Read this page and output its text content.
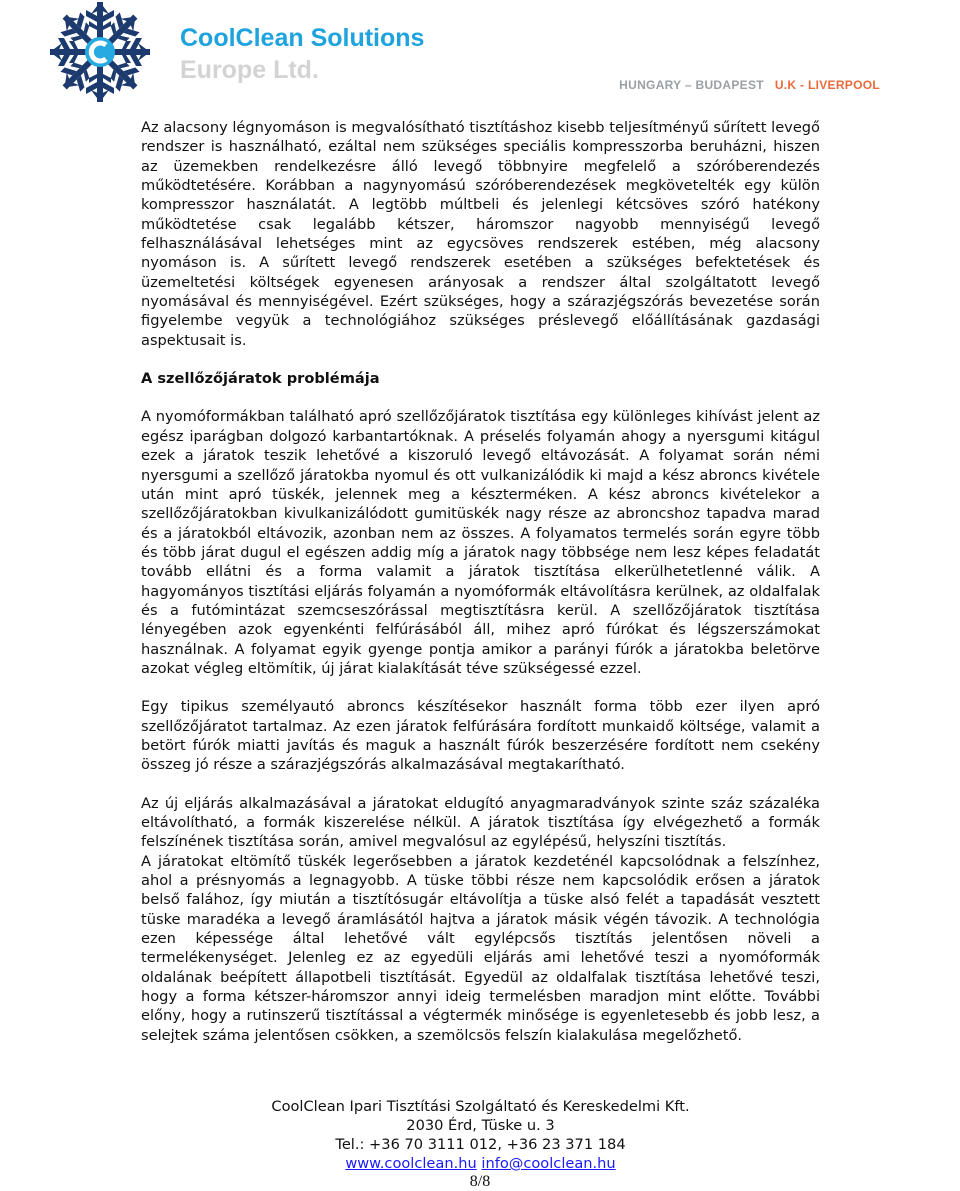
CoolClean Solutions
Europe Ltd.
HUNGARY – BUDAPEST U.K - LIVERPOOL

Az alacsony légnyomáson is megvalósítható tisztításhoz kisebb teljesítményű sűrített levegő rendszer is használható, ezáltal nem szükséges speciális kompresszorba beruházni, hiszen az üzemekben rendelkezésre álló levegő többnyire megfelelő a szóróberendezés működtetésére. Korábban a nagynyomású szóróberendezések megkövetelték egy külön kompresszor használatát. A legtöbb múltbeli és jelenlegi kétcsöves szóró hatékony működtetése csak legalább kétszer, háromszor nagyobb mennyiségű levegő felhasználásával lehetséges mint az egycsöves rendszerek estében, még alacsony nyomáson is. A sűrített levegő rendszerek esetében a szükséges befektetések és üzemeltetési költségek egyenesen arányosak a rendszer által szolgáltatott levegő nyomásával és mennyiségével. Ezért szükséges, hogy a szárazjégszórás bevezetése során figyelembe vegyük a technológiához szükséges préslevegő előállításának gazdasági aspektusait is.

A szellőzőjáratok problémája

A nyomóformákban található apró szellőzőjáratok tisztítása egy különleges kihívást jelent az egész iparágban dolgozó karbantartóknak. A préselés folyamán ahogy a nyersgumi kitágul ezek a járatok teszik lehetővé a kiszoruló levegő eltávozását. A folyamat során némi nyersgumi a szellőző járatokba nyomul és ott vulkanizálódik ki majd a kész abroncs kivétele után mint apró tüskék, jelennek meg a készterméken. A kész abroncs kivételekor a szellőzőjáratokban kivulkanizálódott gumitüskék nagy része az abroncshoz tapadva marad és a járatokból eltávozik, azonban nem az összes. A folyamatos termelés során egyre több és több járat dugul el egészen addig míg a járatok nagy többsége nem lesz képes feladatát tovább ellátni és a forma valamit a járatok tisztítása elkerülhetetlenné válik. A hagyományos tisztítási eljárás folyamán a nyomóformák eltávolításra kerülnek, az oldalfalak és a futómintázat szemcseszórással megtisztításra kerül. A szellőzőjáratok tisztítása lényegében azok egyenkénti felfúrásából áll, mihez apró fúrókat és légszerszámokat használnak. A folyamat egyik gyenge pontja amikor a parányi fúrók a járatokba beletörve azokat végleg eltömítik, új járat kialakítását téve szükségessé ezzel.

Egy tipikus személyautó abroncs készítésekor használt forma több ezer ilyen apró szellőzőjáratot tartalmaz. Az ezen járatok felfúrására fordított munkaidő költsége, valamit a betört fúrók miatti javítás és maguk a használt fúrók beszerzésére fordított nem csekény összeg jó része a szárazjégszórás alkalmazásával megtakarítható.

Az új eljárás alkalmazásával a járatokat eldugító anyagmaradványok szinte száz százaléka eltávolítható, a formák kiszerelése nélkül. A járatok tisztítása így elvégezhető a formák felszínének tisztítása során, amivel megvalósul az egylépésű, helyszíni tisztítás.

A járatokat eltömítő tüskék legerősebben a járatok kezdeténél kapcsolódnak a felszínhez, ahol a présnyomás a legnagyobb. A tüske többi része nem kapcsolódik erősen a járatok belső falához, így miután a tisztítósugár eltávolítja a tüske alsó felét a tapadását vesztett tüske maradéka a levegő áramlásától hajtva a járatok másik végén távozik. A technológia ezen képessége által lehetővé vált egylépcsős tisztítás jelentősen növeli a termelékenységet. Jelenleg ez az egyedüli eljárás ami lehetővé teszi a nyomóformák oldalának beépített állapotbeli tisztítását. Egyedül az oldalfalak tisztítása lehetővé teszi, hogy a forma kétszer-háromszor annyi ideig termelésben maradjon mint előtte. További előny, hogy a rutinszerű tisztítással a végtermék minősége is egyenletesebb és jobb lesz, a selejtek száma jelentősen csökken, a szemölcsös felszín kialakulása megelőzhető.

CoolClean Ipari Tisztítási Szolgáltató és Kereskedelmi Kft.
2030 Érd, Tüske u. 3
Tel.: +36 70 3111 012, +36 23 371 184
www.coolclean.hu info@coolclean.hu
8/8
